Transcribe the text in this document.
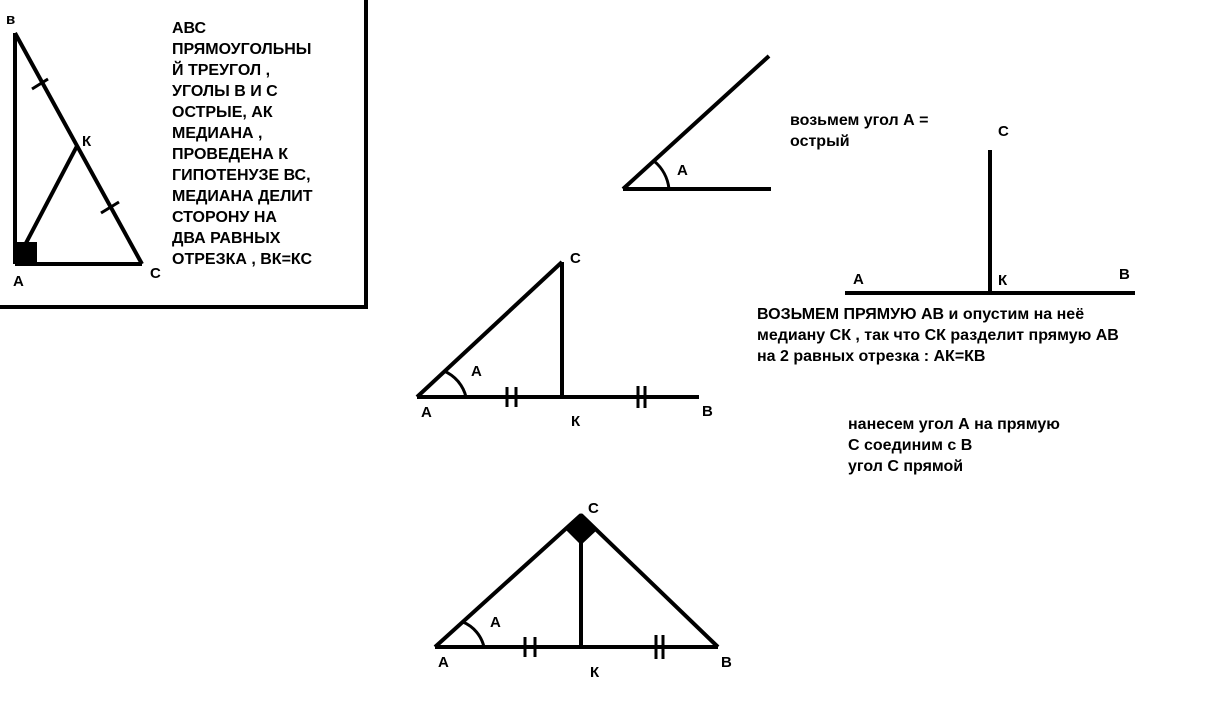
в
К
А	С
А
С
А	К	В
С
А
А
К
В
С
А
А
К
В
АВС
ПРЯМОУГОЛЬНЫ
Й ТРЕУГОЛ ,
УГОЛЫ В И С
ОСТРЫЕ, АК
МЕДИАНА ,
ПРОВЕДЕНА К
ГИПОТЕНУЗЕ ВС,
МЕДИАНА ДЕЛИТ
СТОРОНУ НА
ДВА РАВНЫХ
ОТРЕЗКА , ВК=КС
возьмем угол А =
острый
ВОЗЬМЕМ ПРЯМУЮ АВ и опустим на неё
медиану СК , так что СК разделит прямую АВ
на 2 равных отрезка : АК=КВ
нанесем угол А на прямую
С соединим с В
угол С прямой
